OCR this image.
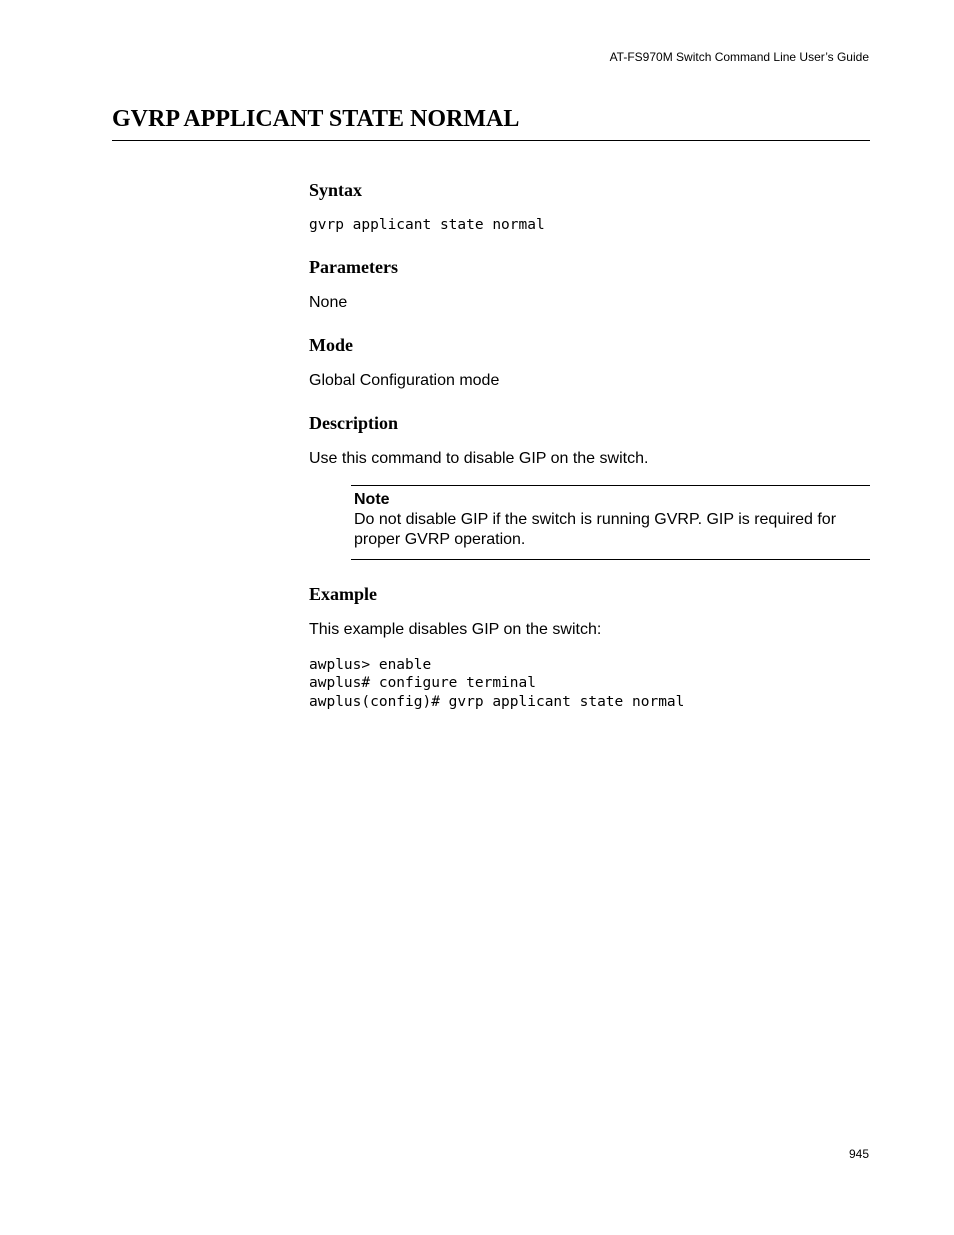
AT-FS970M Switch Command Line User’s Guide
GVRP APPLICANT STATE NORMAL
Syntax

gvrp applicant state normal

Parameters

None

Mode

Global Configuration mode

Description

Use this command to disable GIP on the switch.

Note
Do not disable GIP if the switch is running GVRP. GIP is required for proper GVRP operation.
Example

This example disables GIP on the switch:

awplus> enable

awplus# configure terminal

awplus(config)# gvrp applicant state normal

945
